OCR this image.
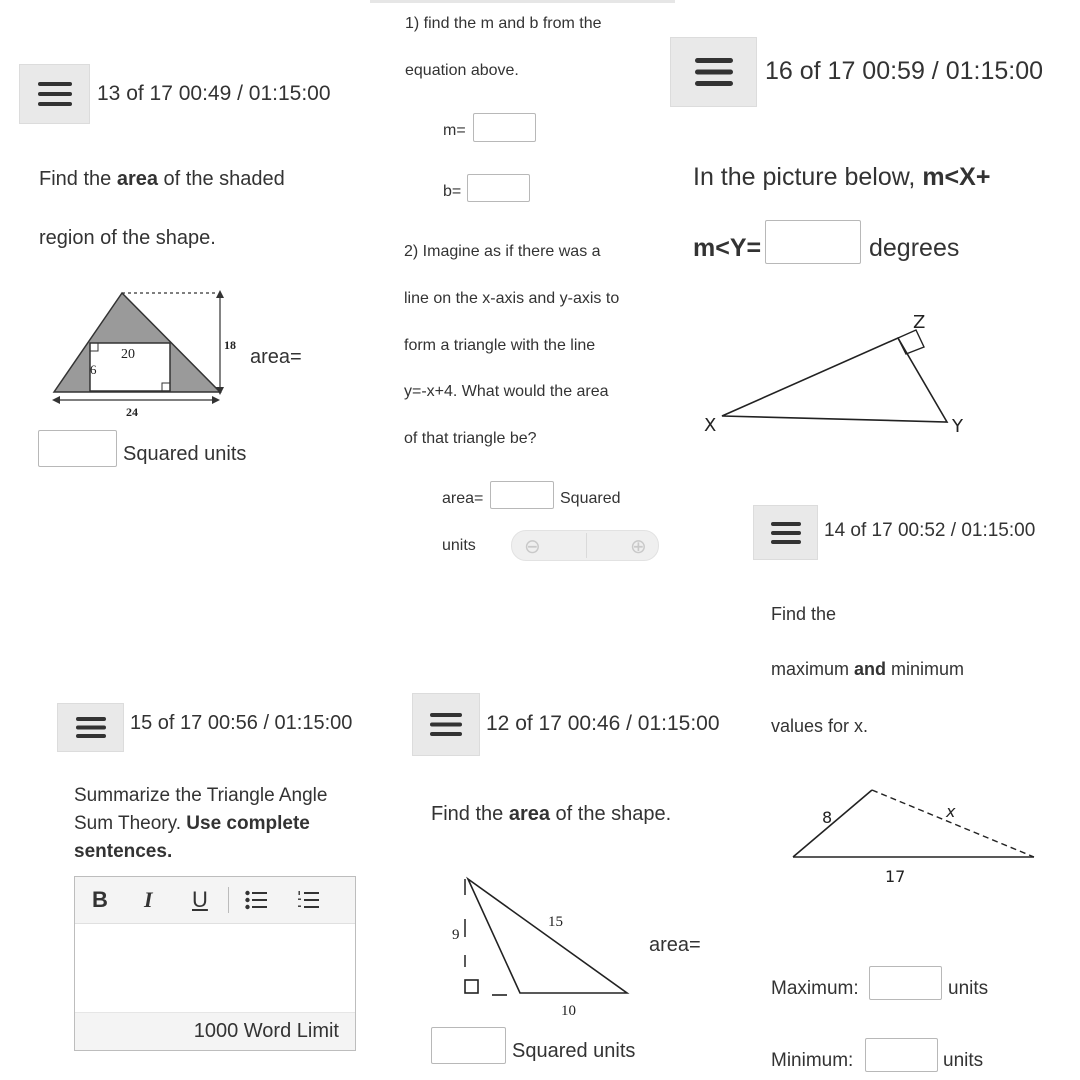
13 of 17 00:49 / 01:15:00
Find the area of the shaded
region of the shape.
20
6
18
24
area=
Squared units
1) find the m and b from the
equation above.
m=
b=
2) Imagine as if there was a
line on the x-axis and y-axis to
form a triangle with the line
y=-x+4. What would the area
of that triangle be?
area=	Squared
units ⊖	⊕
16 of 17 00:59 / 01:15:00
In the picture below, m<X+
m<Y=	degrees
Z
X	Y
14 of 17 00:52 / 01:15:00
Find the
maximum and minimum
values for x.
8	x
17
Maximum:	units
Minimum:	units
15 of 17 00:56 / 01:15:00
Summarize the Triangle Angle
Sum Theory. Use complete
sentences.
B I U
1000 Word Limit
12 of 17 00:46 / 01:15:00
Find the area of the shape.
9
15
10
area=
Squared units
